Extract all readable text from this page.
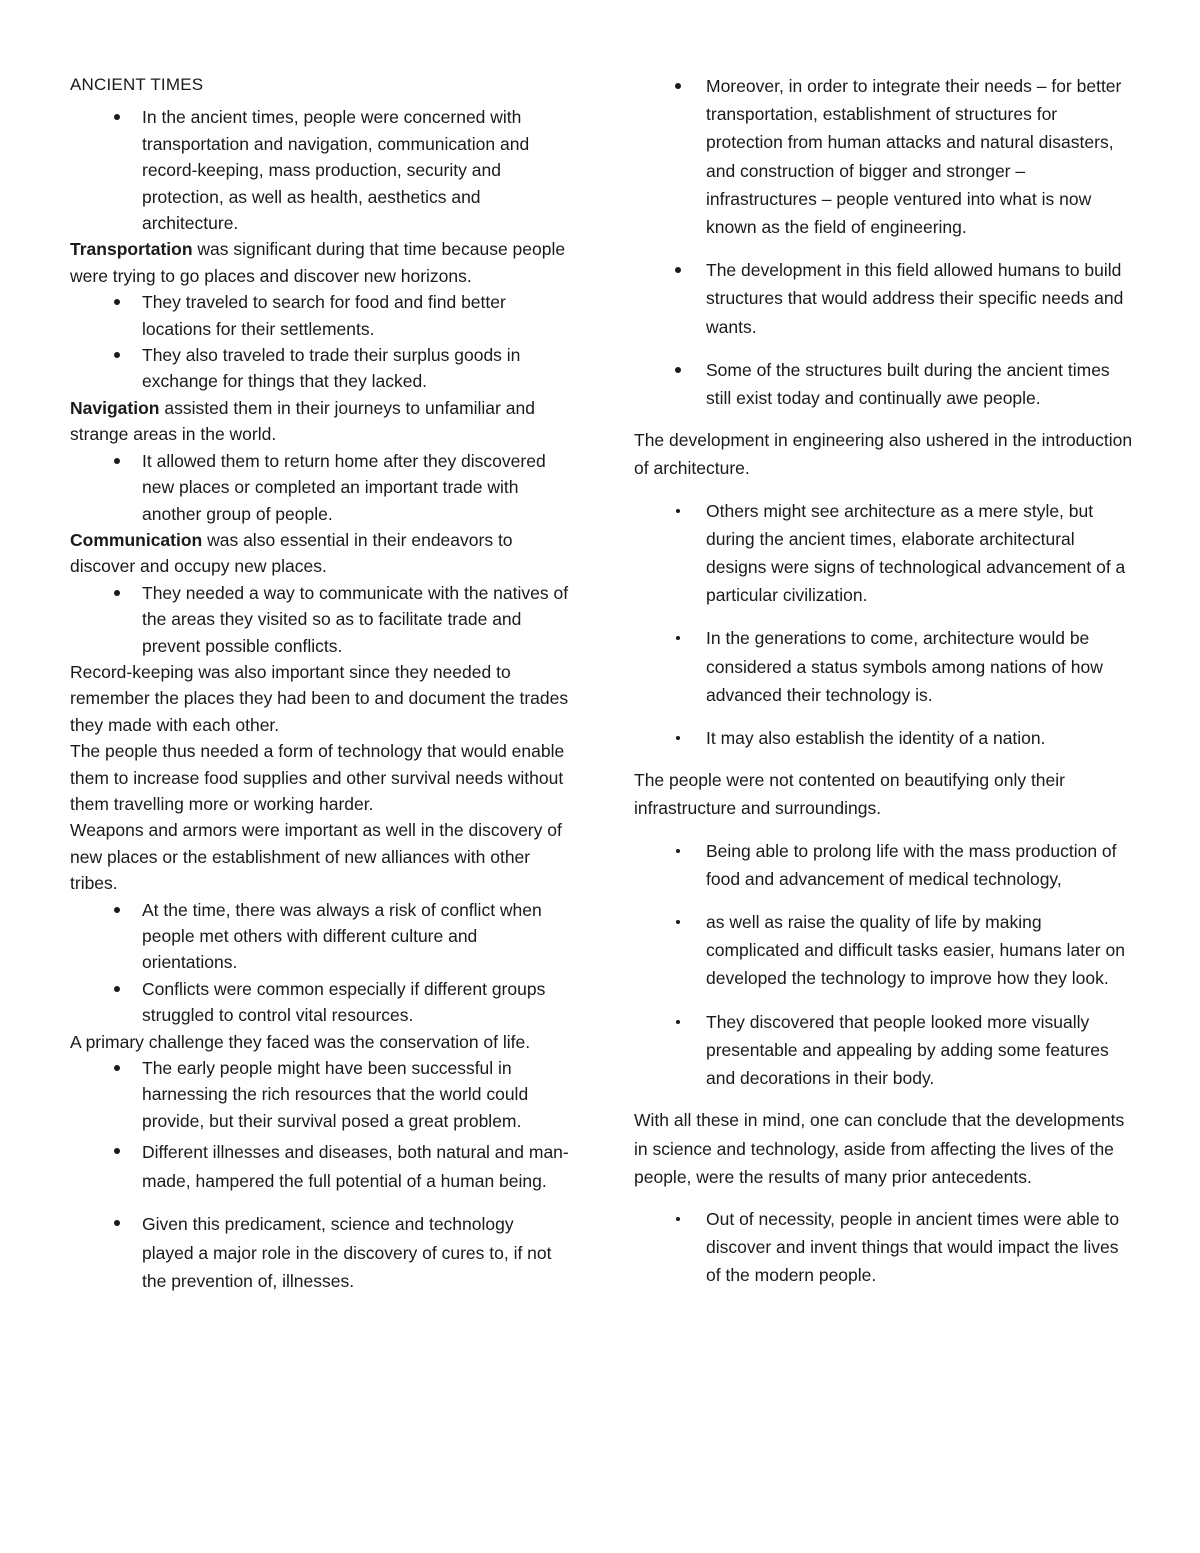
ANCIENT TIMES
In the ancient times, people were concerned with transportation and navigation, communication and record-keeping, mass production, security and protection, as well as health, aesthetics and architecture.

Transportation was significant during that time because people were trying to go places and discover new horizons.

They traveled to search for food and find better locations for their settlements.
They also traveled to trade their surplus goods in exchange for things that they lacked.

Navigation assisted them in their journeys to unfamiliar and strange areas in the world.

It allowed them to return home after they discovered new places or completed an important trade with another group of people.

Communication was also essential in their endeavors to discover and occupy new places.

They needed a way to communicate with the natives of the areas they visited so as to facilitate trade and prevent possible conflicts.

Record-keeping was also important since they needed to remember the places they had been to and document the trades they made with each other.

The people thus needed a form of technology that would enable them to increase food supplies and other survival needs without them travelling more or working harder.

Weapons and armors were important as well in the discovery of new places or the establishment of new alliances with other tribes.

At the time, there was always a risk of conflict when people met others with different culture and orientations.
Conflicts were common especially if different groups struggled to control vital resources.

A primary challenge they faced was the conservation of life.

The early people might have been successful in harnessing the rich resources that the world could provide, but their survival posed a great problem.
Different illnesses and diseases, both natural and man-made, hampered the full potential of a human being.
Given this predicament, science and technology played a major role in the discovery of cures to, if not the prevention of, illnesses.
Moreover, in order to integrate their needs – for better transportation, establishment of structures for protection from human attacks and natural disasters, and construction of bigger and stronger – infrastructures – people ventured into what is now known as the field of engineering.
The development in this field allowed humans to build structures that would address their specific needs and wants.
Some of the structures built during the ancient times still exist today and continually awe people.

The development in engineering also ushered in the introduction of architecture.

Others might see architecture as a mere style, but during the ancient times, elaborate architectural designs were signs of technological advancement of a particular civilization.
In the generations to come, architecture would be considered a status symbols among nations of how advanced their technology is.
It may also establish the identity of a nation.

The people were not contented on beautifying only their infrastructure and surroundings.

Being able to prolong life with the mass production of food and advancement of medical technology,
as well as raise the quality of life by making complicated and difficult tasks easier, humans later on developed the technology to improve how they look.
They discovered that people looked more visually presentable and appealing by adding some features and decorations in their body.

With all these in mind, one can conclude that the developments in science and technology, aside from affecting the lives of the people, were the results of many prior antecedents.

Out of necessity, people in ancient times were able to discover and invent things that would impact the lives of the modern people.
